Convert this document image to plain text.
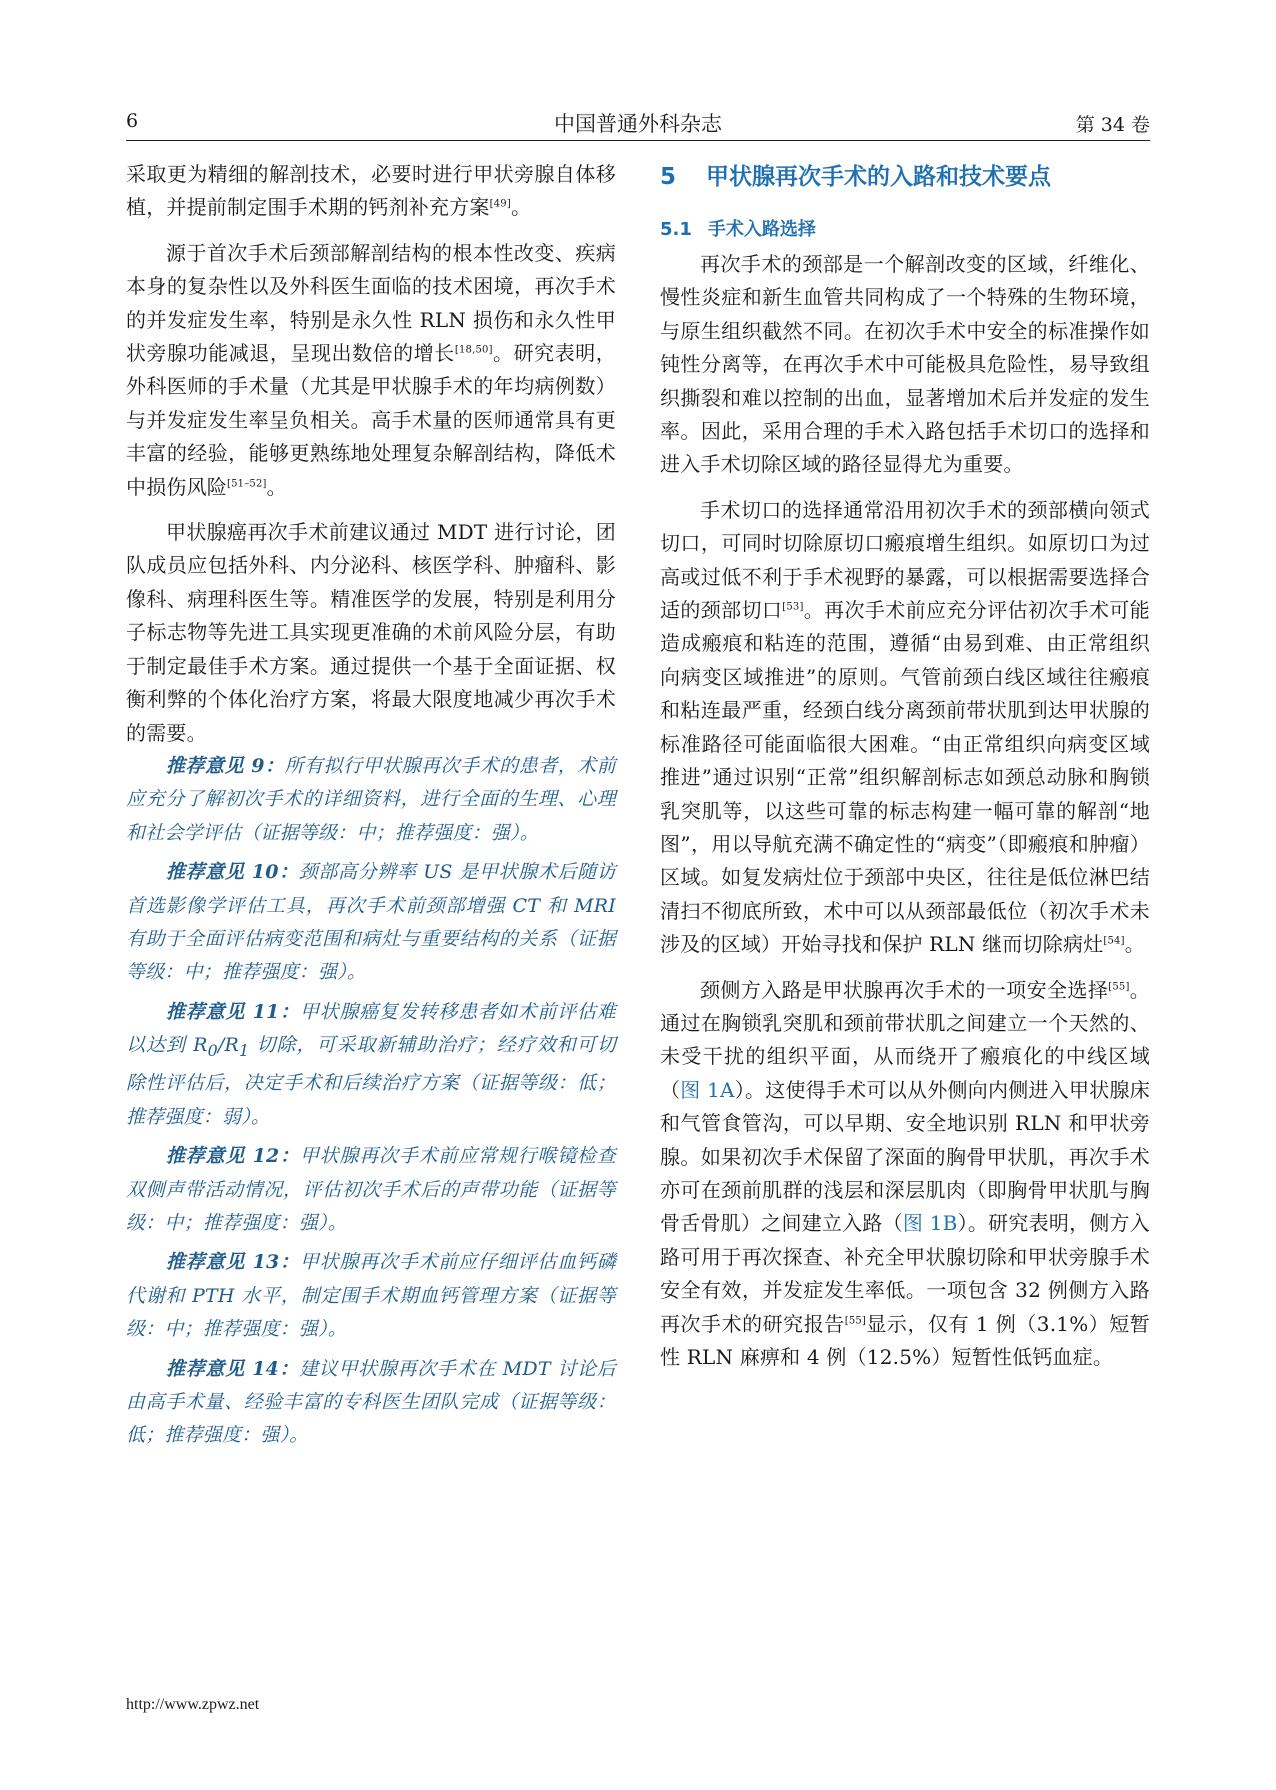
6	中国普通外科杂志	第 34 卷

采取更为精细的解剖技术，必要时进行甲状旁腺自体移植，并提前制定围手术期的钙剂补充方案[49]。

源于首次手术后颈部解剖结构的根本性改变、疾病本身的复杂性以及外科医生面临的技术困境，再次手术的并发症发生率，特别是永久性 RLN 损伤和永久性甲状旁腺功能减退，呈现出数倍的增长[18,50]。研究表明，外科医师的手术量（尤其是甲状腺手术的年均病例数）与并发症发生率呈负相关。高手术量的医师通常具有更丰富的经验，能够更熟练地处理复杂解剖结构，降低术中损伤风险[51–52]。

甲状腺癌再次手术前建议通过 MDT 进行讨论，团队成员应包括外科、内分泌科、核医学科、肿瘤科、影像科、病理科医生等。精准医学的发展，特别是利用分子标志物等先进工具实现更准确的术前风险分层，有助于制定最佳手术方案。通过提供一个基于全面证据、权衡利弊的个体化治疗方案，将最大限度地减少再次手术的需要。

推荐意见 9：所有拟行甲状腺再次手术的患者，术前应充分了解初次手术的详细资料，进行全面的生理、心理和社会学评估（证据等级：中；推荐强度：强）。

推荐意见 10：颈部高分辨率 US 是甲状腺术后随访首选影像学评估工具，再次手术前颈部增强 CT 和 MRI 有助于全面评估病变范围和病灶与重要结构的关系（证据等级：中；推荐强度：强）。

推荐意见 11：甲状腺癌复发转移患者如术前评估难以达到 $R_0/R_1$ 切除，可采取新辅助治疗；经疗效和可切除性评估后，决定手术和后续治疗方案（证据等级：低；推荐强度：弱）。

推荐意见 12：甲状腺再次手术前应常规行喉镜检查双侧声带活动情况，评估初次手术后的声带功能（证据等级：中；推荐强度：强）。

推荐意见 13：甲状腺再次手术前应仔细评估血钙磷代谢和 PTH 水平，制定围手术期血钙管理方案（证据等级：中；推荐强度：强）。

推荐意见 14：建议甲状腺再次手术在 MDT 讨论后由高手术量、经验丰富的专科医生团队完成（证据等级：低；推荐强度：强）。

5 甲状腺再次手术的入路和技术要点
5.1 手术入路选择

再次手术的颈部是一个解剖改变的区域，纤维化、慢性炎症和新生血管共同构成了一个特殊的生物环境，与原生组织截然不同。在初次手术中安全的标准操作如钝性分离等，在再次手术中可能极具危险性，易导致组织撕裂和难以控制的出血，显著增加术后并发症的发生率。因此，采用合理的手术入路包括手术切口的选择和进入手术切除区域的路径显得尤为重要。

手术切口的选择通常沿用初次手术的颈部横向领式切口，可同时切除原切口瘢痕增生组织。如原切口为过高或过低不利于手术视野的暴露，可以根据需要选择合适的颈部切口[53]。再次手术前应充分评估初次手术可能造成瘢痕和粘连的范围，遵循“由易到难、由正常组织向病变区域推进”的原则。气管前颈白线区域往往瘢痕和粘连最严重，经颈白线分离颈前带状肌到达甲状腺的标准路径可能面临很大困难。“由正常组织向病变区域推进”通过识别“正常”组织解剖标志如颈总动脉和胸锁乳突肌等，以这些可靠的标志构建一幅可靠的解剖“地图”，用以导航充满不确定性的“病变”（即瘢痕和肿瘤）区域。如复发病灶位于颈部中央区，往往是低位淋巴结清扫不彻底所致，术中可以从颈部最低位（初次手术未涉及的区域）开始寻找和保护 RLN 继而切除病灶[54]。

颈侧方入路是甲状腺再次手术的一项安全选择[55]。通过在胸锁乳突肌和颈前带状肌之间建立一个天然的、未受干扰的组织平面，从而绕开了瘢痕化的中线区域（图 1A）。这使得手术可以从外侧向内侧进入甲状腺床和气管食管沟，可以早期、安全地识别 RLN 和甲状旁腺。如果初次手术保留了深面的胸骨甲状肌，再次手术亦可在颈前肌群的浅层和深层肌肉（即胸骨甲状肌与胸骨舌骨肌）之间建立入路（图 1B）。研究表明，侧方入路可用于再次探查、补充全甲状腺切除和甲状旁腺手术安全有效，并发症发生率低。一项包含 32 例侧方入路再次手术的研究报告[55]显示，仅有 1 例（3.1%）短暂性 RLN 麻痹和 4 例（12.5%）短暂性低钙血症。

http://www.zpwz.net
